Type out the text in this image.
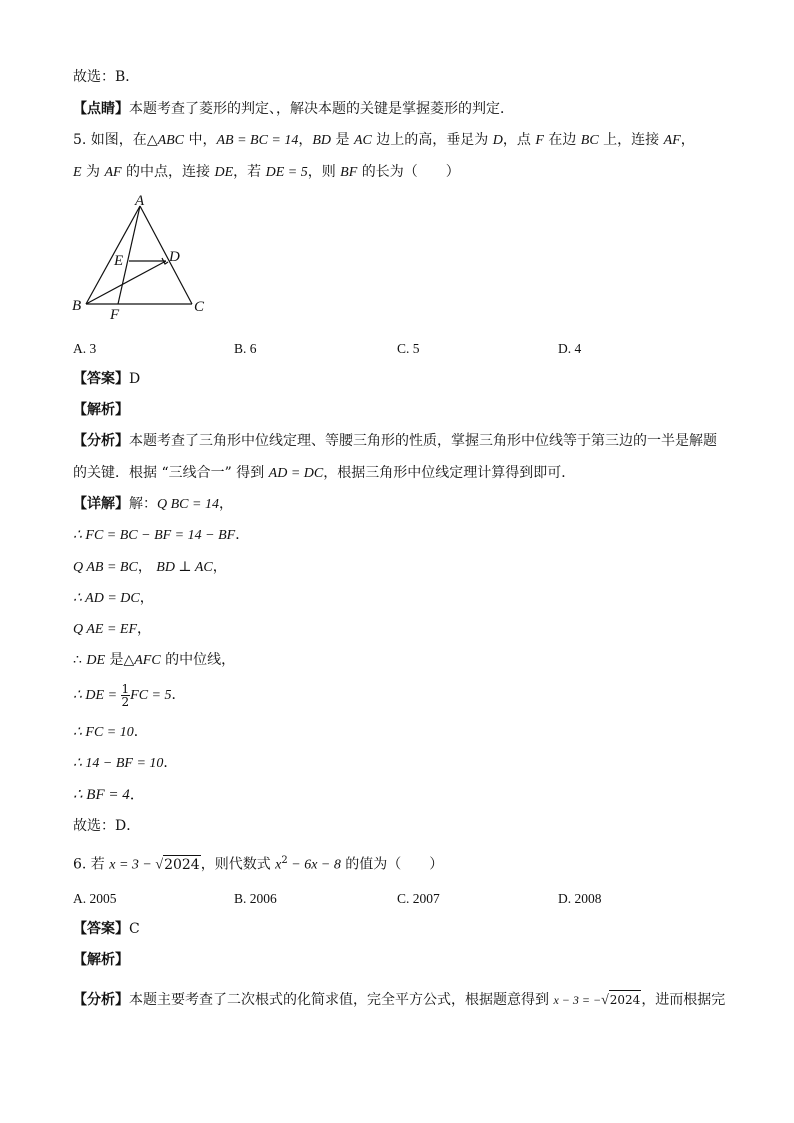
故选：B．
【点睛】本题考查了菱形的判定、，解决本题的关键是掌握菱形的判定．
5. 如图，在△ABC 中，AB = BC = 14，BD 是 AC 边上的高，垂足为 D，点 F 在边 BC 上，连接 AF，
E 为 AF 的中点，连接 DE，若 DE = 5，则 BF 的长为（　　）
A
B	C
D
E
F
A. 3	B. 6	C. 5	D. 4
【答案】D
【解析】
【分析】本题考查了三角形中位线定理、等腰三角形的性质，掌握三角形中位线等于第三边的一半是解题
的关键．根据 “三线合一” 得到 AD = DC，根据三角形中位线定理计算得到即可．
【详解】解：Q BC = 14，
∴ FC = BC − BF = 14 − BF．
Q AB = BC， BD ⊥ AC，
∴ AD = DC，
Q AE = EF，
∴ DE 是△AFC 的中位线，
∴ DE = $\frac{1}{2}$ FC = 5．
∴ FC = 10．
∴ 14 − BF = 10．
∴ BF = 4．
故选：D．
6. 若 x = 3 − √2024，则代数式 $x^2 - 6x - 8$ 的值为（　　）
A. 2005	B. 2006	C. 2007	D. 2008
【答案】C
【解析】
【分析】本题主要考查了二次根式的化简求值，完全平方公式，根据题意得到 x − 3 = −√2024，进而根据完
